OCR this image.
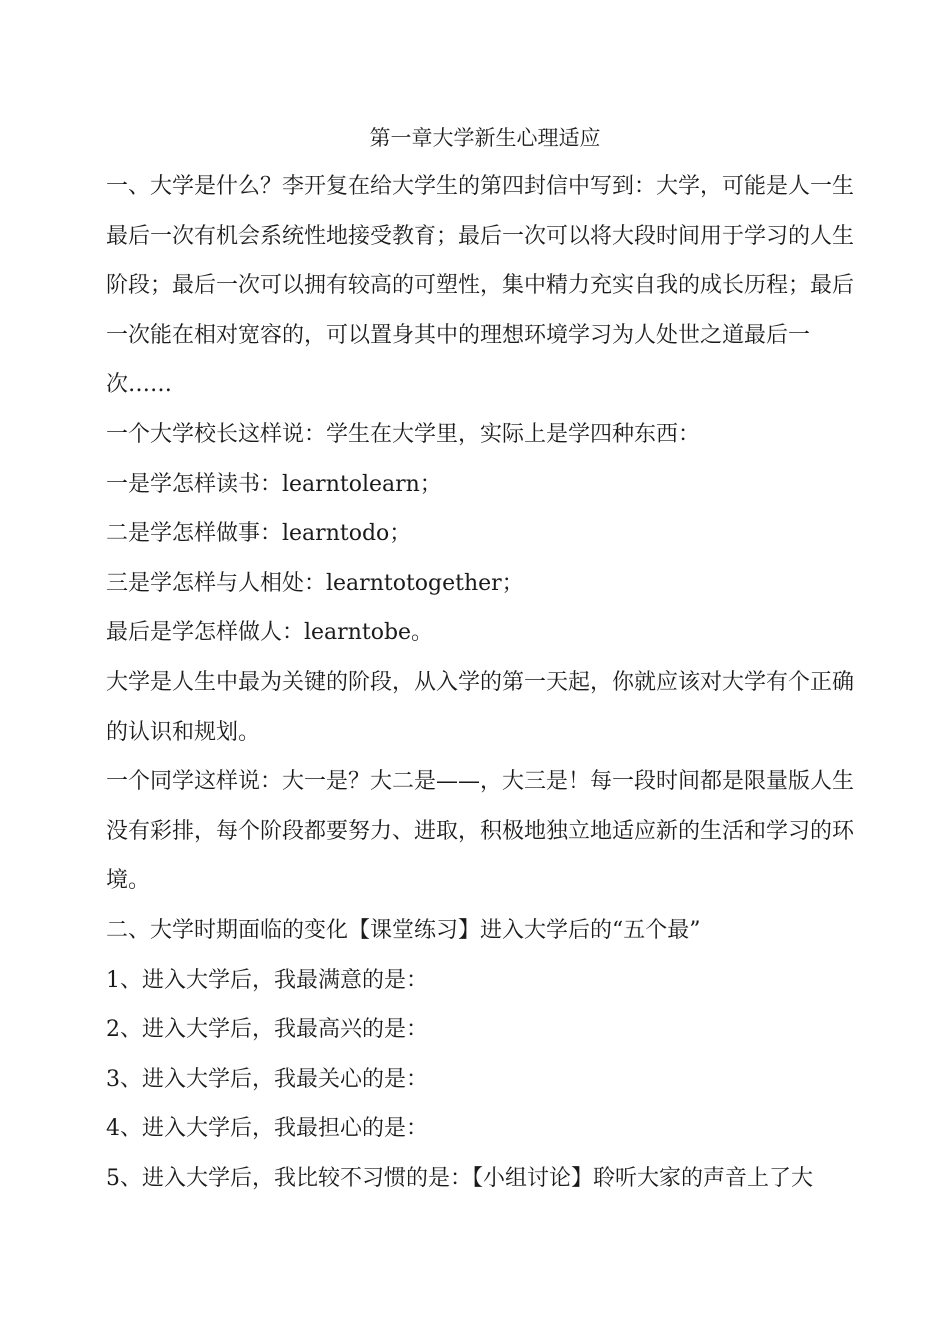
第一章大学新生心理适应

一、大学是什么？李开复在给大学生的第四封信中写到：大学，可能是人一生最后一次有机会系统性地接受教育；最后一次可以将大段时间用于学习的人生阶段；最后一次可以拥有较高的可塑性，集中精力充实自我的成长历程；最后一次能在相对宽容的，可以置身其中的理想环境学习为人处世之道最后一次……

一个大学校长这样说：学生在大学里，实际上是学四种东西：

一是学怎样读书：learntolearn；

二是学怎样做事：learntodo；

三是学怎样与人相处：learntotogether；

最后是学怎样做人：learntobe。

大学是人生中最为关键的阶段，从入学的第一天起，你就应该对大学有个正确的认识和规划。

一个同学这样说：大一是？大二是——，大三是！每一段时间都是限量版人生没有彩排，每个阶段都要努力、进取，积极地独立地适应新的生活和学习的环境。

二、大学时期面临的变化【课堂练习】进入大学后的“五个最”

1、进入大学后，我最满意的是：

2、进入大学后，我最高兴的是：

3、进入大学后，我最关心的是：

4、进入大学后，我最担心的是：

5、进入大学后，我比较不习惯的是：【小组讨论】聆听大家的声音上了大
